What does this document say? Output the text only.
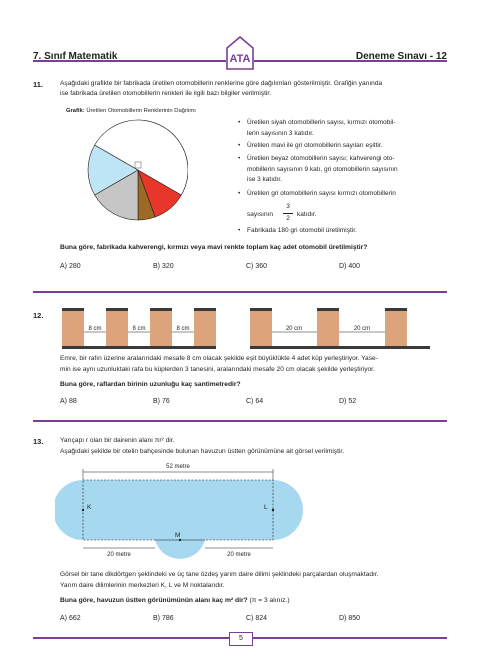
7. Sınıf Matematik	Deneme Sınavı - 12
ATA
11.	Aşağıdaki grafikte bir fabrikada üretilen otomobillerin renklerine göre dağılımları gösterilmiştir. Grafiğin yanında
ise fabrikada üretilen otomobillerin renkleri ile ilgili bazı bilgiler verilmiştir.
Grafik: Üretilen Otomobillerin Renklerinin Dağılımı
• Üretilen siyah otomobillerin sayısı, kırmızı otomobil-
lerin sayısının 3 katıdır.
• Üretilen mavi ile gri otomobillerin sayıları eşittir.
• Üretilen beyaz otomobillerin sayısı; kahverengi oto-
mobillerin sayısının 9 katı, gri otomobillerin sayısının
ise 3 katıdır.
• Üretilen gri otomobillerin sayısı kırmızı otomobillerin
sayısının
3
2
katıdır.
• Fabrikada 180 gri otomobil üretilmiştir.
Buna göre, fabrikada kahverengi, kırmızı veya mavi renkte toplam kaç adet otomobil üretilmiştir?
A) 280	B) 320	C) 360	D) 400
12.
8 cm	8 cm	8 cm	20 cm	20 cm
Emre, bir rafın üzerine aralarındaki mesafe 8 cm olacak şekilde eşit büyüklükte 4 adet küp yerleştiriyor. Yase-
min ise aynı uzunluktaki rafa bu küplerden 3 tanesini, aralarındaki mesafe 20 cm olacak şekilde yerleştiriyor.
Buna göre, raflardan birinin uzunluğu kaç santimetredir?
A) 88	B) 76	C) 64	D) 52
13.	Yarıçapı r olan bir dairenin alanı πr² dir.
Aşağıdaki şekilde bir otelin bahçesinde bulunan havuzun üstten görünümüne ait görsel verilmiştir.
52 metre
K	L
M
20 metre	20 metre
Görsel bir tane dikdörtgen şeklindeki ve üç tane özdeş yarım daire dilimi şeklindeki parçalardan oluşmaktadır.
Yarım daire dilimlerinin merkezleri K, L ve M noktalarıdır.
Buna göre, havuzun üstten görünümünün alanı kaç m² dir? (π = 3 alınız.)
A) 662	B) 786	C) 824	D) 850
5
